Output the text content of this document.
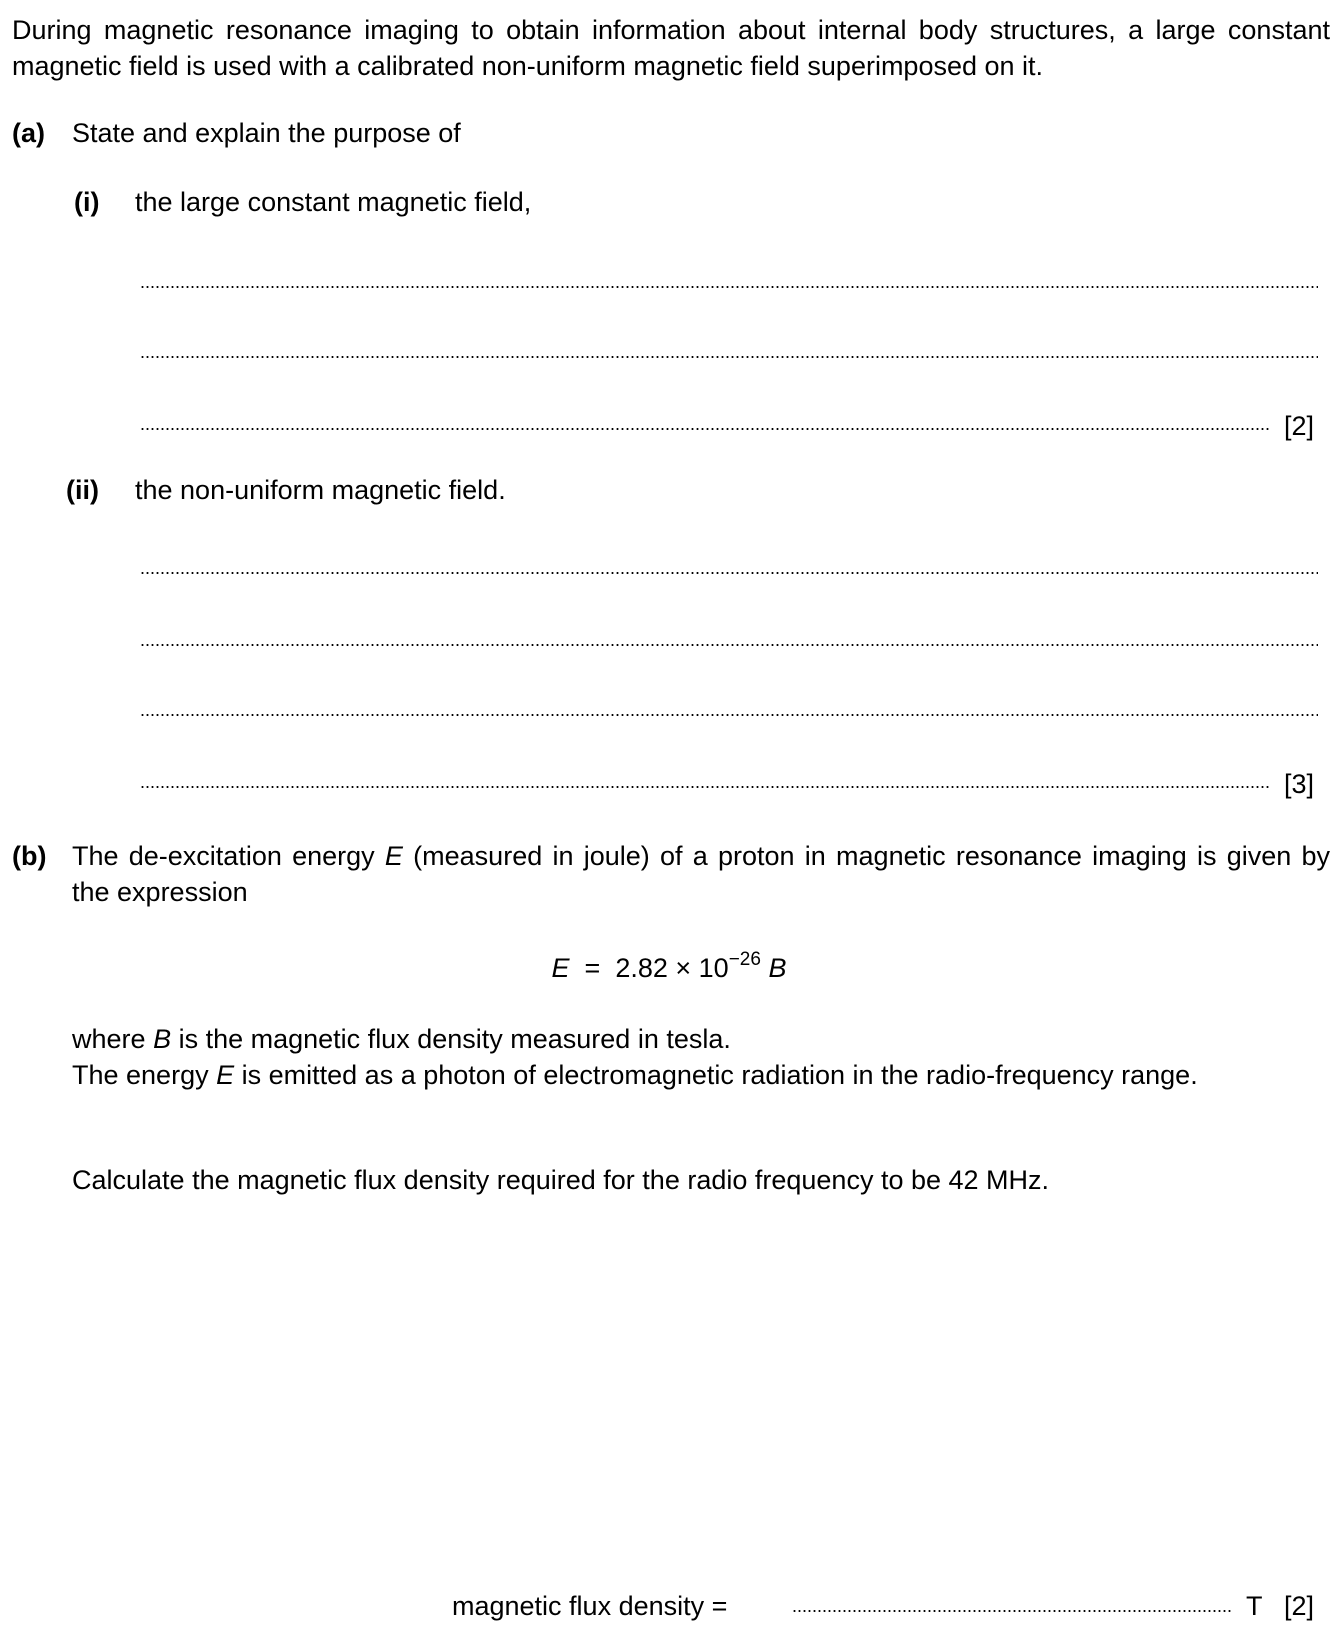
During magnetic resonance imaging to obtain information about internal body structures, a large constant magnetic field is used with a calibrated non-uniform magnetic field superimposed on it.
(a) State and explain the purpose of
(i) the large constant magnetic field,
[2]
(ii) the non-uniform magnetic field.
[3]
(b) The de-excitation energy E (measured in joule) of a proton in magnetic resonance imaging is given by the expression
$E = 2.82 \times 10^{-26}$ B
where B is the magnetic flux density measured in tesla.
The energy E is emitted as a photon of electromagnetic radiation in the radio-frequency range.
Calculate the magnetic flux density required for the radio frequency to be 42 MHz.
magnetic flux density =	T [2]
